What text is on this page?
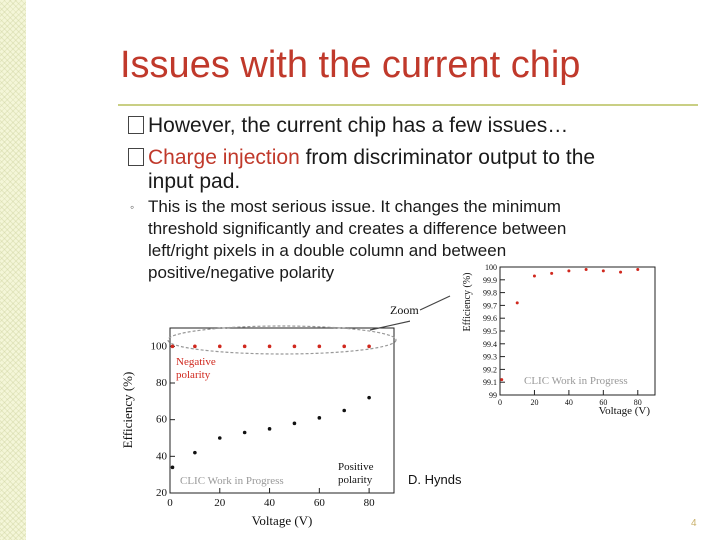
Issues with the current chip
However, the current chip has a few issues…
Charge injection from discriminator output to the
input pad.
◦ This is the most serious issue. It changes the minimum threshold significantly and creates a difference between left/right pixels in a double column and between positive/negative polarity
20
40
60
80
100
0	20	40	60	80
Efficiency (%)
Voltage (V)
Negative
polarity
Positive
polarity
CLIC Work in Progress
Zoom
99
99.1
99.2
99.3
99.4
99.5
99.6
99.7
99.8
99.9
100
0	20	40	60	80
Efficiency (%)
Voltage (V)
CLIC Work in Progress
D. Hynds
4
